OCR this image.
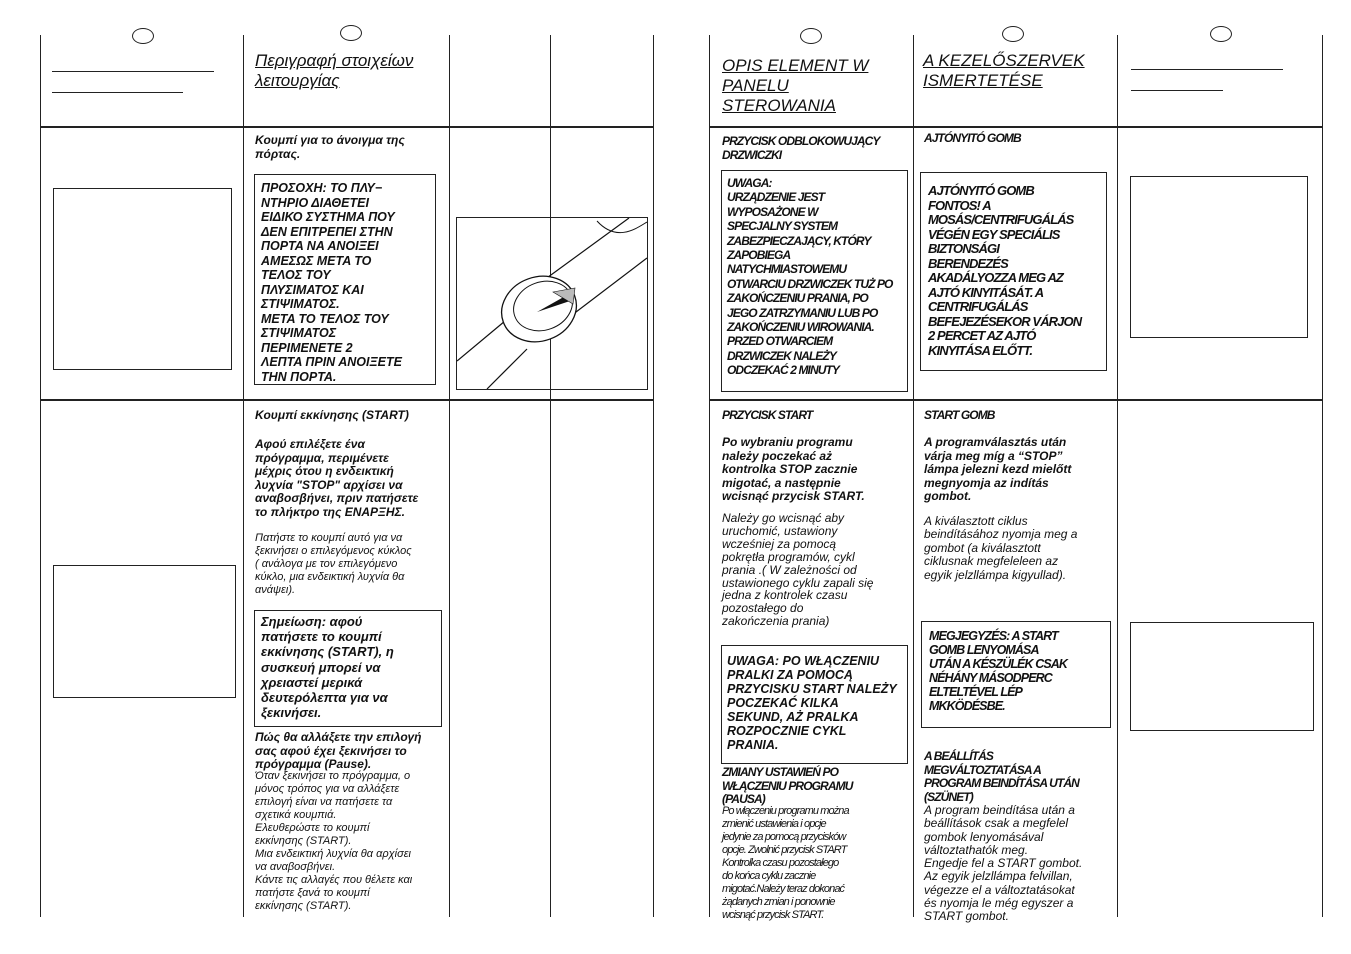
Περιγραφή στοιχείων
λειτουργίας
Κουμπί για το άνοιγμα της
πόρτας.
ΠΡΟΣΟΧΗ: ΤΟ ΠΛΥ−
ΝΤΗΡΙΟ ΔΙΑΘΕΤΕΙ
ΕΙΔΙΚΟ ΣΥΣΤΗΜΑ ΠΟΥ
ΔΕΝ ΕΠΙΤΡΕΠΕΙ ΣΤΗΝ
ΠΟΡΤΑ ΝΑ ΑΝΟΙΞΕΙ
ΑΜΕΣΩΣ ΜΕΤΑ ΤΟ
ΤΕΛΟΣ ΤΟΥ
ΠΛΥΣΙΜΑΤΟΣ ΚΑΙ
ΣΤΙΨΙΜΑΤΟΣ.
ΜΕΤΑ ΤΟ ΤΕΛΟΣ ΤΟΥ
ΣΤΙΨΙΜΑΤΟΣ
ΠΕΡΙΜΕΝΕΤΕ 2
ΛΕΠΤΑ ΠΡΙΝ ΑΝΟΙΞΕΤΕ
ΤΗΝ ΠΟΡΤΑ.
Κουμπί εκκίνησης (START)
Αφού επιλέξετε ένα
πρόγραμμα, περιμένετε
μέχρις ότου η ενδεικτική
λυχνία "STOP" αρχίσει να
αναβοσβήνει, πριν πατήσετε
το πλήκτρο της ΕΝΑΡΞΗΣ.
Πατήστε το κουμπί αυτό για να
ξεκινήσει ο επιλεγόμενος κύκλος
( ανάλογα με τον επιλεγόμενο
κύκλο, μια ενδεικτική λυχνία θα
ανάψει).
Σημείωση: αφού
πατήσετε το κουμπί
εκκίνησης (START), η
συσκευή μπορεί να
χρειαστεί μερικά
δευτερόλεπτα για να
ξεκινήσει.
Πώς θα αλλάξετε την επιλογή
σας αφού έχει ξεκινήσει το
πρόγραμμα (Pause).
Όταν ξεκινήσει το πρόγραμμα, ο
μόνος τρόπος για να αλλάξετε
επιλογή είναι να πατήσετε τα
σχετικά κουμπιά.
Ελευθερώστε το κουμπί
εκκίνησης (START).
Μια ενδεικτική λυχνία θα αρχίσει
να αναβοσβήνει.
Κάντε τις αλλαγές που θέλετε και
πατήστε ξανά το κουμπί
εκκίνησης (START).
OPIS ELEMENT W
PANELU
STEROWANIA
A KEZELŐSZERVEK
ISMERTETÉSE
PRZYCISK ODBLOKOWUJĄCY
DRZWICZKI
UWAGA:
URZĄDZENIE JEST
WYPOSAŻONE W
SPECJALNY SYSTEM
ZABEZPIECZAJĄCY, KTÓRY
ZAPOBIEGA
NATYCHMIASTOWEMU
OTWARCIU DRZWICZEK TUŻ PO
ZAKOŃCZENIU PRANIA, PO
JEGO ZATRZYMANIU LUB PO
ZAKOŃCZENIU WIROWANIA.
PRZED OTWARCIEM
DRZWICZEK NALEŻY
ODCZEKAĆ 2 MINUTY
AJTÓNYITÓ GOMB
AJTÓNYITÓ GOMB
FONTOS! A
MOSÁS/CENTRIFUGÁLÁS
VÉGÉN EGY SPECIÁLIS
BIZTONSÁGI
BERENDEZÉS
AKADÁLYOZZA MEG AZ
AJTÓ KINYITÁSÁT. A
CENTRIFUGÁLÁS
BEFEJEZÉSEKOR VÁRJON
2 PERCET AZ AJTÓ
KINYITÁSA ELŐTT.
PRZYCISK START
Po wybraniu programu
należy poczekać aż
kontrolka STOP zacznie
migotać, a następnie
wcisnąć przycisk START.
Należy go wcisnąć aby
uruchomić, ustawiony
wcześniej za pomocą
pokrętła programów, cykl
prania .( W zależności od
ustawionego cyklu zapali się
jedna z kontrolek czasu
pozostałego do
zakończenia prania)
UWAGA: PO WŁĄCZENIU
PRALKI ZA POMOCĄ
PRZYCISKU START NALEŻY
POCZEKAĆ KILKA
SEKUND, AŻ PRALKA
ROZPOCZNIE CYKL
PRANIA.
ZMIANY USTAWIEŃ PO
WŁĄCZENIU PROGRAMU
(PAUSA)
Po włączeniu programu można
zmienić ustawienia i opcje
jedynie za pomocą przycisków
opcje. Zwolnić przycisk START
Kontrolka czasu pozostałego
do końca cyklu zacznie
migotać.Należy teraz dokonać
żądanych zmian i ponownie
wcisnąć przycisk START.
START GOMB
A programválasztás után
várja meg míg a “STOP”
lámpa jelezni kezd mielőtt
megnyomja az indítás
gombot.
A kiválasztott ciklus
beindításához nyomja meg a
gombot (a kiválasztott
ciklusnak megfeleleen az
egyik jelzllámpa kigyullad).
MEGJEGYZÉS: A START
GOMB LENYOMÁSA
UTÁN A KÉSZÜLÉK CSAK
NÉHÁNY MÁSODPERC
ELTELTÉVEL LÉP
MKKÖDÉSBE.
A BEÁLLÍTÁS
MEGVÁLTOZTATÁSA A
PROGRAM BEINDÍTÁSA UTÁN
(SZÜNET)
A program beindítása után a
beállítások csak a megfelel
gombok lenyomásával
változtathatók meg.
Engedje fel a START gombot.
Az egyik jelzllámpa felvillan,
végezze el a változtatásokat
és nyomja le még egyszer a
START gombot.
